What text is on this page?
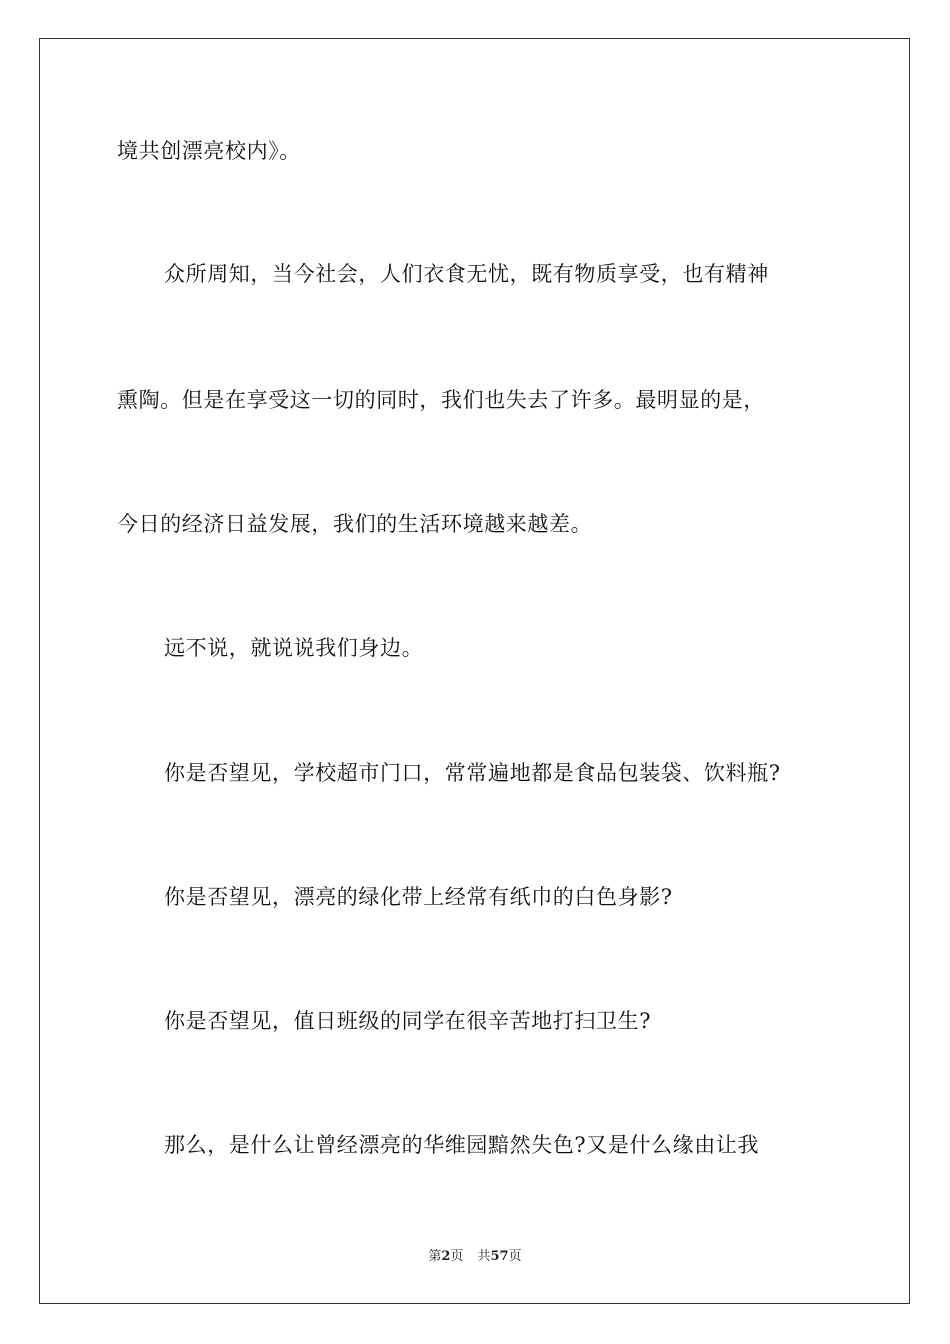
境共创漂亮校内》。
众所周知，当今社会，人们衣食无忧，既有物质享受，也有精神
熏陶。但是在享受这一切的同时，我们也失去了许多。最明显的是，
今日的经济日益发展，我们的生活环境越来越差。
远不说，就说说我们身边。
你是否望见，学校超市门口，常常遍地都是食品包装袋、饮料瓶?
你是否望见，漂亮的绿化带上经常有纸巾的白色身影?
你是否望见，值日班级的同学在很辛苦地打扫卫生?
那么，是什么让曾经漂亮的华维园黯然失色?又是什么缘由让我
第2页 共57页
